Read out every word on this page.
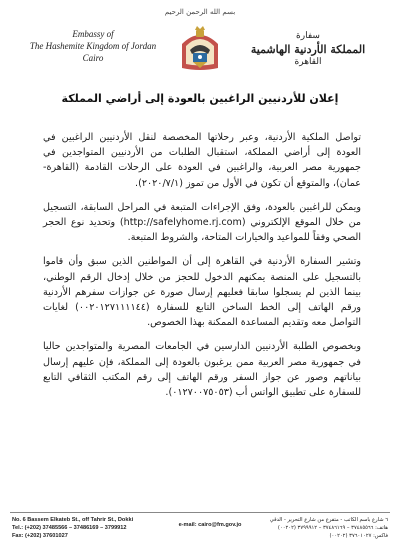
بسم الله الرحمن الرحيم
Embassy of
The Hashemite Kingdom of Jordan
Cairo
سفارة
المملكة الأردنية الهاشمية
القاهرة
إعلان للأردنيين الراغبين بالعودة إلى أراضي المملكة

تواصل الملكية الأردنية، وعبر رحلاتها المخصصة لنقل الأردنيين الراغبين في العودة إلى أراضي المملكة، استقبال الطلبات من الأردنيين المتواجدين في جمهورية مصر العربية، والراغبين في العودة على الرحلات القادمة (القاهرة-عمان)، والمتوقع أن تكون في الأول من تموز (٢٠٢٠/٧/١).

ويمكن للراغبين بالعودة، وفق الإجراءات المتبعة في المراحل السابقة، التسجيل من خلال الموقع الإلكتروني (http://safelyhome.rj.com) وتحديد نوع الحجر الصحي وفقاً للمواعيد والخيارات المتاحة، والشروط المتبعة.

وتشير السفارة الأردنية في القاهرة إلى أن المواطنين الذين سبق وأن قاموا بالتسجيل على المنصة يمكنهم الدخول للحجز من خلال إدخال الرقم الوطني، بينما الذين لم يسجلوا سابقا فعليهم إرسال صورة عن جوازات سفرهم الأردنية ورقم الهاتف إلى الخط الساخن التابع للسفارة (٠٠٢٠١٢٧١١١١٤٤) لغايات التواصل معه وتقديم المساعدة الممكنة بهذا الخصوص.

وبخصوص الطلبة الأردنيين الدارسين في الجامعات المصرية والمتواجدين حاليا في جمهورية مصر العربية ممن يرغبون بالعودة إلى المملكة، فإن عليهم إرسال بياناتهم وصور عن جواز السفر ورقم الهاتف إلى رقم المكتب الثقافي التابع للسفارة على تطبيق الواتس أب (٠١٢٧٠٠٧٥٠٥٣).

No. 6 Bassem Elkateb St., off Tahrir St., Dokki
Tel.: (+202) 37485566 – 37486169 – 3799912
Fax: (+202) 37601027
e-mail: cairo@fm.gov.jo
٦ شارع باسم الكاتب - متفرع من شارع التحرير - الدقي
هاتف: ٣٧٤٨٥٥٦٦ – ٣٧٤٨٦١٦٩ – ٣٧٩٩٩١٢ (٠٠٢٠٢)
فاكس: ٣٧٦٠١٠٢٧ (٠٠٢٠٢)
